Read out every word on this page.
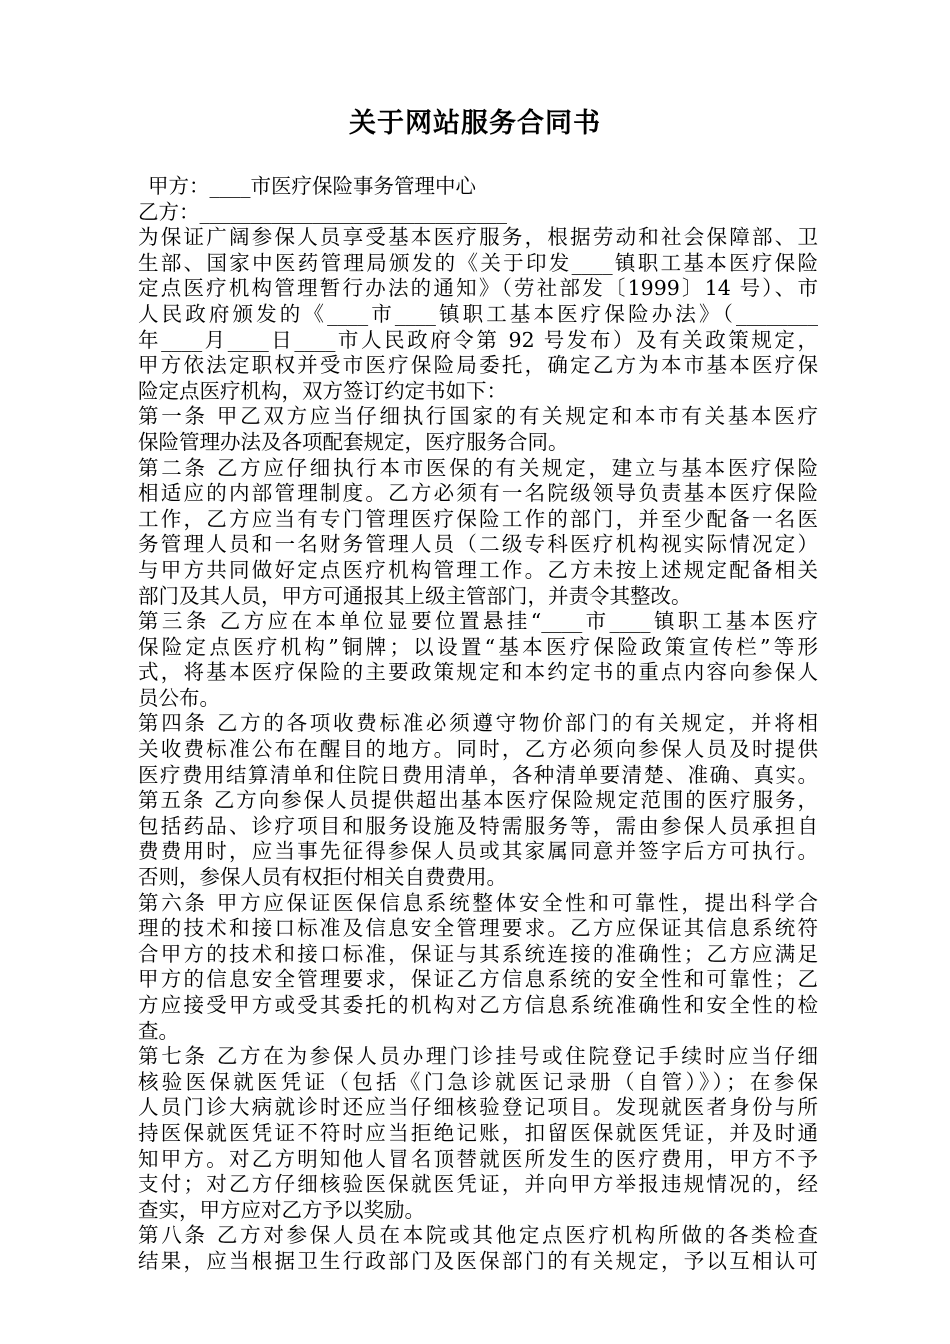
关于网站服务合同书
甲方：____市医疗保险事务管理中心
乙方：______________________________
为保证广阔参保人员享受基本医疗服务，根据劳动和社会保障部、卫
生部、国家中医药管理局颁发的《关于印发____镇职工基本医疗保险
定点医疗机构管理暂行办法的通知》（劳社部发〔1999〕14 号）、市
人民政府颁发的《____市____镇职工基本医疗保险办法》（________
年____月____日____市人民政府令第 92 号发布）及有关政策规定，
甲方依法定职权并受市医疗保险局委托，确定乙方为本市基本医疗保
险定点医疗机构，双方签订约定书如下：
第一条 甲乙双方应当仔细执行国家的有关规定和本市有关基本医疗
保险管理办法及各项配套规定，医疗服务合同。
第二条 乙方应仔细执行本市医保的有关规定，建立与基本医疗保险
相适应的内部管理制度。乙方必须有一名院级领导负责基本医疗保险
工作，乙方应当有专门管理医疗保险工作的部门，并至少配备一名医
务管理人员和一名财务管理人员（二级专科医疗机构视实际情况定）
与甲方共同做好定点医疗机构管理工作。乙方未按上述规定配备相关
部门及其人员，甲方可通报其上级主管部门，并责令其整改。
第三条 乙方应在本单位显要位置悬挂“____市____镇职工基本医疗
保险定点医疗机构”铜牌；以设置“基本医疗保险政策宣传栏”等形
式，将基本医疗保险的主要政策规定和本约定书的重点内容向参保人
员公布。
第四条 乙方的各项收费标准必须遵守物价部门的有关规定，并将相
关收费标准公布在醒目的地方。同时，乙方必须向参保人员及时提供
医疗费用结算清单和住院日费用清单，各种清单要清楚、准确、真实。
第五条 乙方向参保人员提供超出基本医疗保险规定范围的医疗服务，
包括药品、诊疗项目和服务设施及特需服务等，需由参保人员承担自
费费用时，应当事先征得参保人员或其家属同意并签字后方可执行。
否则，参保人员有权拒付相关自费费用。
第六条 甲方应保证医保信息系统整体安全性和可靠性，提出科学合
理的技术和接口标准及信息安全管理要求。乙方应保证其信息系统符
合甲方的技术和接口标准，保证与其系统连接的准确性；乙方应满足
甲方的信息安全管理要求，保证乙方信息系统的安全性和可靠性；乙
方应接受甲方或受其委托的机构对乙方信息系统准确性和安全性的检
查。
第七条 乙方在为参保人员办理门诊挂号或住院登记手续时应当仔细
核验医保就医凭证（包括《门急诊就医记录册（自管）》）；在参保
人员门诊大病就诊时还应当仔细核验登记项目。发现就医者身份与所
持医保就医凭证不符时应当拒绝记账，扣留医保就医凭证，并及时通
知甲方。对乙方明知他人冒名顶替就医所发生的医疗费用，甲方不予
支付；对乙方仔细核验医保就医凭证，并向甲方举报违规情况的，经
查实，甲方应对乙方予以奖励。
第八条 乙方对参保人员在本院或其他定点医疗机构所做的各类检查
结果，应当根据卫生行政部门及医保部门的有关规定，予以互相认可
